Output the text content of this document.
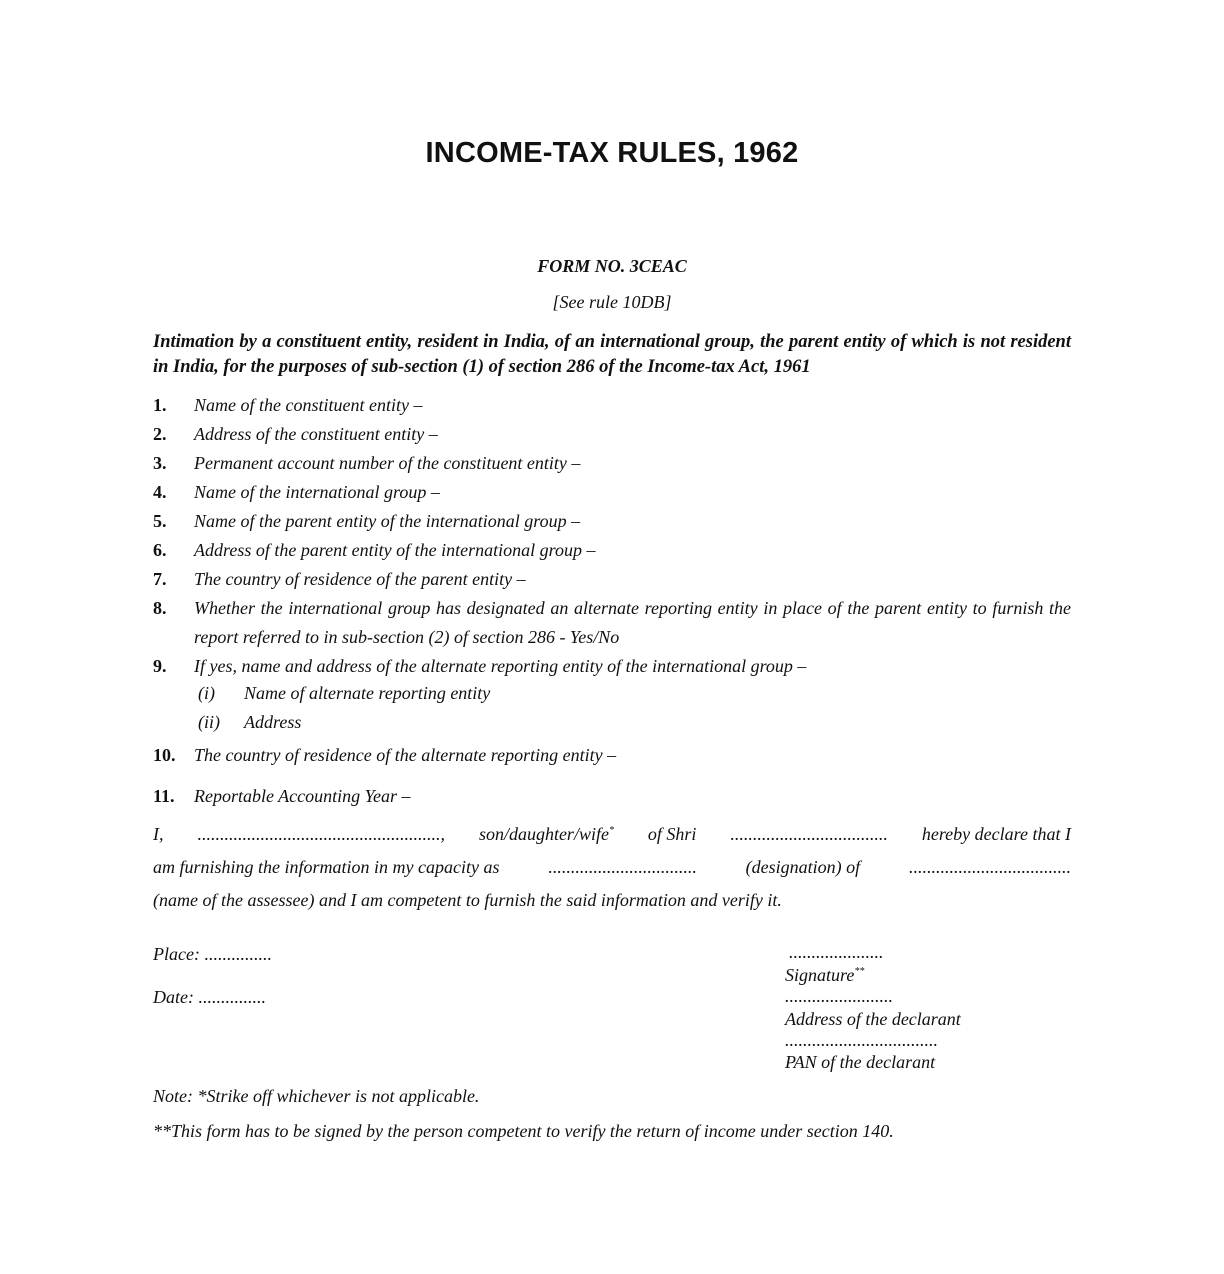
INCOME-TAX RULES, 1962
FORM NO. 3CEAC
[See rule 10DB]
Intimation by a constituent entity, resident in India, of an international group, the parent entity of which is not resident in India, for the purposes of sub-section (1) of section 286 of the Income-tax Act, 1961
1. Name of the constituent entity –
2. Address of the constituent entity –
3. Permanent account number of the constituent entity –
4. Name of the international group –
5. Name of the parent entity of the international group –
6. Address of the parent entity of the international group –
7. The country of residence of the parent entity –
8. Whether the international group has designated an alternate reporting entity in place of the parent entity to furnish the report referred to in sub-section (2) of section 286 - Yes/No
9. If yes, name and address of the alternate reporting entity of the international group –
(i) Name of alternate reporting entity
(ii) Address
10. The country of residence of the alternate reporting entity –
11. Reportable Accounting Year –
I, ......................................................, son/daughter/wife* of Shri ................................... hereby declare that I
am furnishing the information in my capacity as	.................................	(designation) of	....................................
(name of the assessee) and I am competent to furnish the said information and verify it.
Place: ...............
Date: ...............
.....................
Signature**
........................
Address of the declarant
..................................
PAN of the declarant
Note: *Strike off whichever is not applicable.
**This form has to be signed by the person competent to verify the return of income under section 140.
